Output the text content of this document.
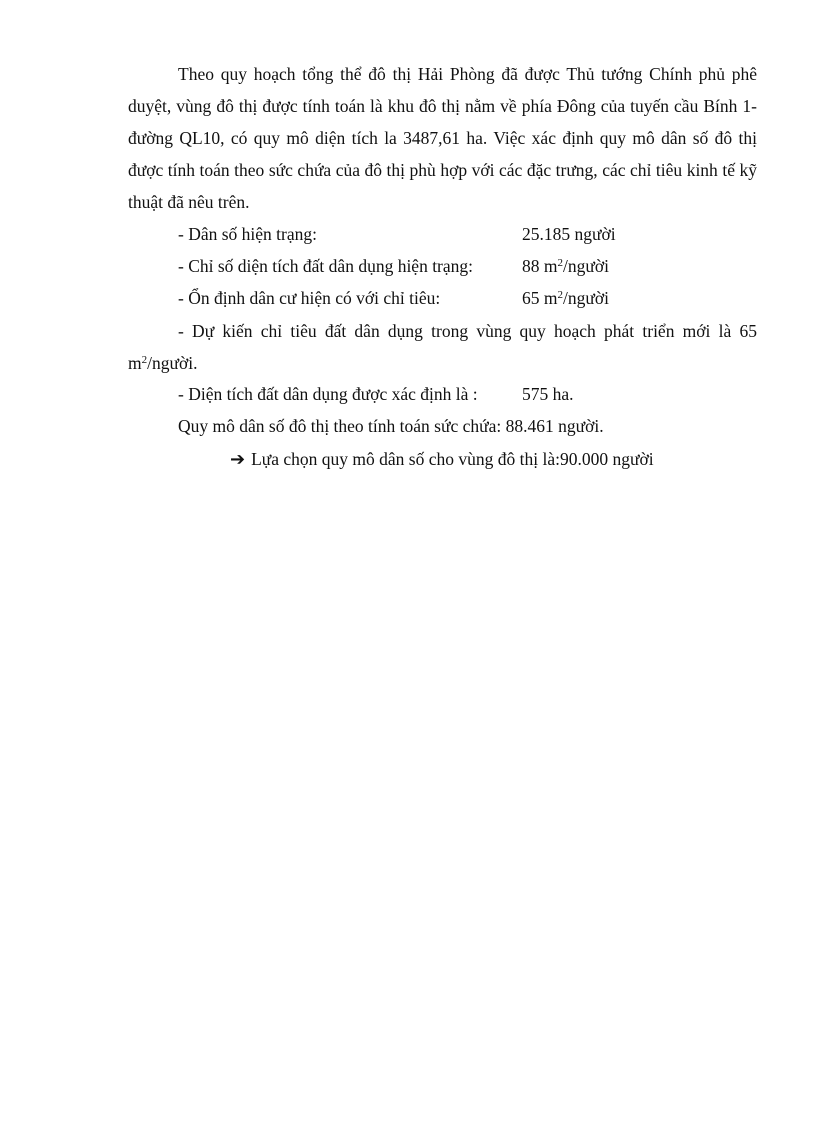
Theo quy hoạch tổng thể đô thị Hải Phòng đã được Thủ tướng Chính phủ phê duyệt, vùng đô thị được tính toán là khu đô thị nằm về phía Đông của tuyến cầu Bính 1- đường QL10, có quy mô diện tích la 3487,61 ha. Việc xác định quy mô dân số đô thị được tính toán theo sức chứa của đô thị phù hợp với các đặc trưng, các chỉ tiêu kinh tế kỹ thuật đã nêu trên.

- Dân số hiện trạng:	25.185 người
- Chỉ số diện tích đất dân dụng hiện trạng:	88 $m^2$/người
- Ổn định dân cư hiện có với chỉ tiêu:	65 $m^2$/người

- Dự kiến chỉ tiêu đất dân dụng trong vùng quy hoạch phát triển mới là 65 $m^2$/người.

- Diện tích đất dân dụng được xác định là :	575 ha.
Quy mô dân số đô thị theo tính toán sức chứa: 88.461 người.
➔ Lựa chọn quy mô dân số cho vùng đô thị là:90.000 người
